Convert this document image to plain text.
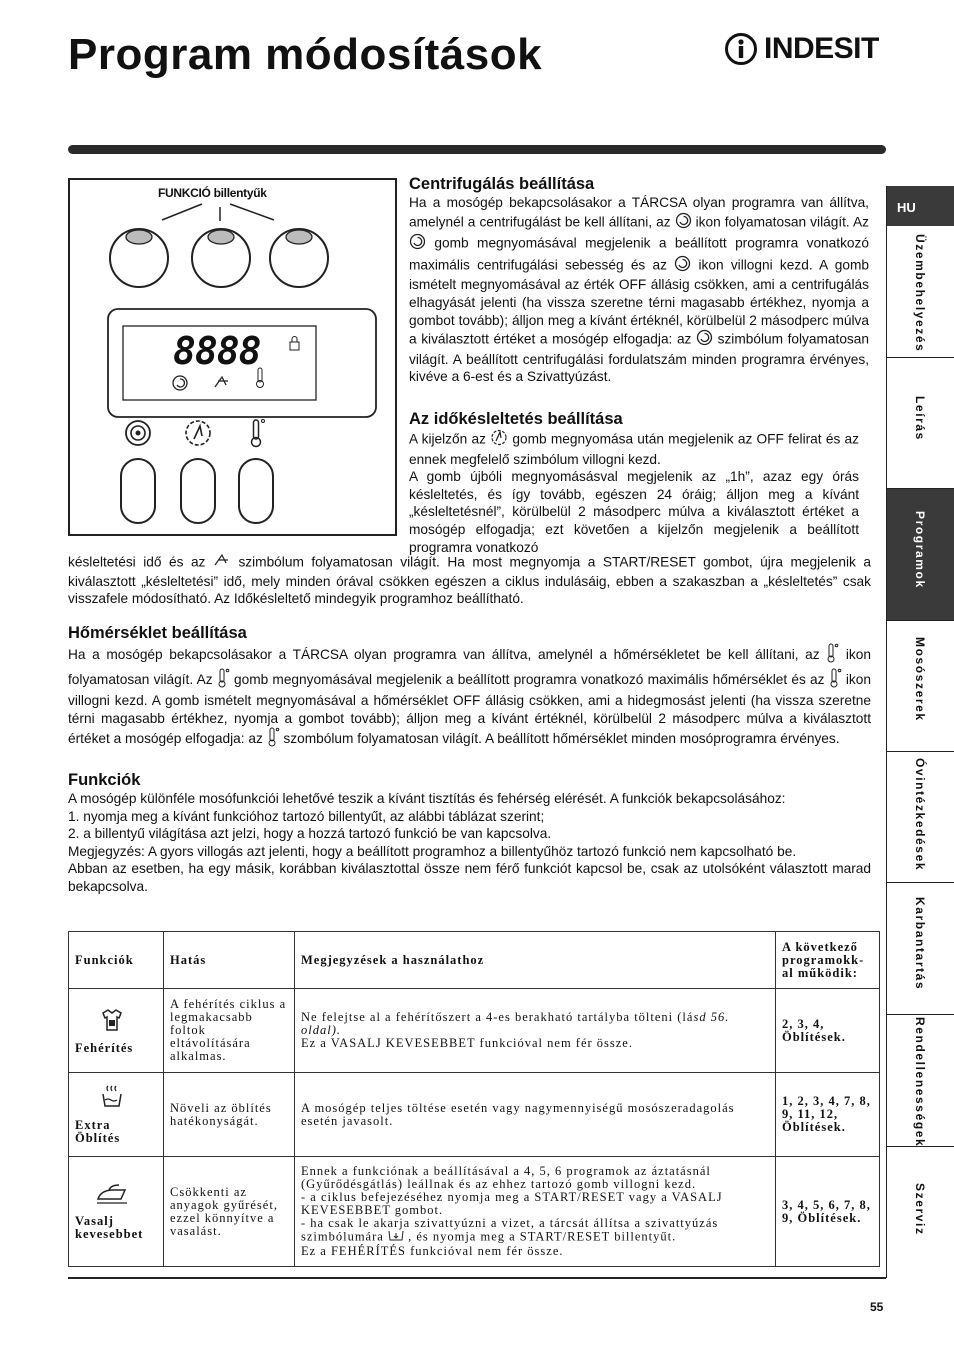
Program módosítások	INDESIT
FUNKCIÓ billentyűk
8888
Centrifugálás beállítása

Ha a mosógép bekapcsolásakor a TÁRCSA olyan programra van állítva, amelynél a centrifugálást be kell állítani, az ikon folyamatosan világít. Az  gomb megnyomásával megjelenik a beállított programra vonatkozó maximális centrifugálási sebesség és az ikon villogni kezd. A gomb ismételt megnyomásával az érték OFF állásig csökken, ami a centrifugálás elhagyását jelenti (ha vissza szeretne térni magasabb értékhez, nyomja a gombot tovább); álljon meg a kívánt értéknél, körülbelül 2 másodperc múlva a kiválasztott értéket a mosógép elfogadja: az szimbólum folyamatosan világít. A beállított centrifugálási fordulatszám minden programra érvényes, kivéve a 6-est és a Szivattyúzást.

Az időkésleltetés beállítása

A kijelzőn az gomb megnyomása után megjelenik az OFF felirat és az ennek megfelelő szimbólum villogni kezd.
A gomb újbóli megnyomásásval megjelenik az „1h”, azaz egy órás késleltetés, és így tovább, egészen 24 óráig; álljon meg a kívánt „késleltetésnél”, körülbelül 2 másodperc múlva a kiválasztott értéket a mosógép elfogadja; ezt követően a kijelzőn megjelenik a beállított programra vonatkozó

késleltetési idő és az szimbólum folyamatosan világít. Ha most megnyomja a START/RESET gombot, újra megjelenik a kiválasztott „késleltetési” idő, mely minden órával csökken egészen a ciklus indulásáig, ebben a szakaszban a „késleltetés” csak visszafele módosítható. Az Időkésleltető mindegyik programhoz beállítható.

Hőmérséklet beállítása

Ha a mosógép bekapcsolásakor a TÁRCSA olyan programra van állítva, amelynél a hőmérsékletet be kell állítani, az ikon folyamatosan világít. Az gomb megnyomásával megjelenik a beállított programra vonatkozó maximális hőmérséklet és az ikon villogni kezd. A gomb ismételt megnyomásával a hőmérséklet OFF állásig csökken, ami a hidegmosást jelenti (ha vissza szeretne térni magasabb értékhez, nyomja a gombot tovább); álljon meg a kívánt értéknél, körülbelül 2 másodperc múlva a kiválasztott értéket a mosógép elfogadja: az szombólum folyamatosan világít. A beállított hőmérséklet minden mosóprogramra érvényes.

Funkciók

A mosógép különféle mosófunkciói lehetővé teszik a kívánt tisztítás és fehérség elérését. A funkciók bekapcsolásához:

1. nyomja meg a kívánt funkcióhoz tartozó billentyűt, az alábbi táblázat szerint;

2. a billentyű világítása azt jelzi, hogy a hozzá tartozó funkció be van kapcsolva.

Megjegyzés: A gyors villogás azt jelenti, hogy a beállított programhoz a billentyűhöz tartozó funkció nem kapcsolható be.

Abban az esetben, ha egy másik, korábban kiválasztottal össze nem férő funkciót kapcsol be, csak az utolsóként választott marad bekapcsolva.

Funkciók	Hatás	Megjegyzések a használathoz	A következő programokk-al működik:

Fehérítés	A fehérítés ciklus a legmakacsabb foltok eltávolítására alkalmas.	Ne felejtse al a fehérítőszert a 4-es berakható tartályba tölteni (lásd 56. oldal).
Ez a VASALJ KEVESEBBET funkcióval nem fér össze.	2, 3, 4, Öblítések.

Extra Öblítés	Növeli az öblítés hatékonyságát.	A mosógép teljes töltése esetén vagy nagymennyiségű mosószeradagolás esetén javasolt.	1, 2, 3, 4, 7, 8, 9, 11, 12, Öblítések.

Vasalj kevesebbet	Csökkenti az anyagok gyűrését, ezzel könnyítve a vasalást.	Ennek a funkciónak a beállításával a 4, 5, 6 programok az áztatásnál (Gyűrődésgátlás) leállnak és az ehhez tartozó gomb villogni kezd.
- a ciklus befejezéséhez nyomja meg a START/RESET vagy a VASALJ KEVESEBBET gombot.
- ha csak le akarja szivattyúzni a vizet, a tárcsát állítsa a szivattyúzás szimbólumára , és nyomja meg a START/RESET billentyűt.
Ez a FEHÉRÍTÉS funkcióval nem fér össze.	3, 4, 5, 6, 7, 8, 9, Öblítések.
HU
Üzembehelyezés
Leírás
Programok
Mosószerek
Óvintézkedések
Karbantartás
Rendellenességek
Szerviz
55
